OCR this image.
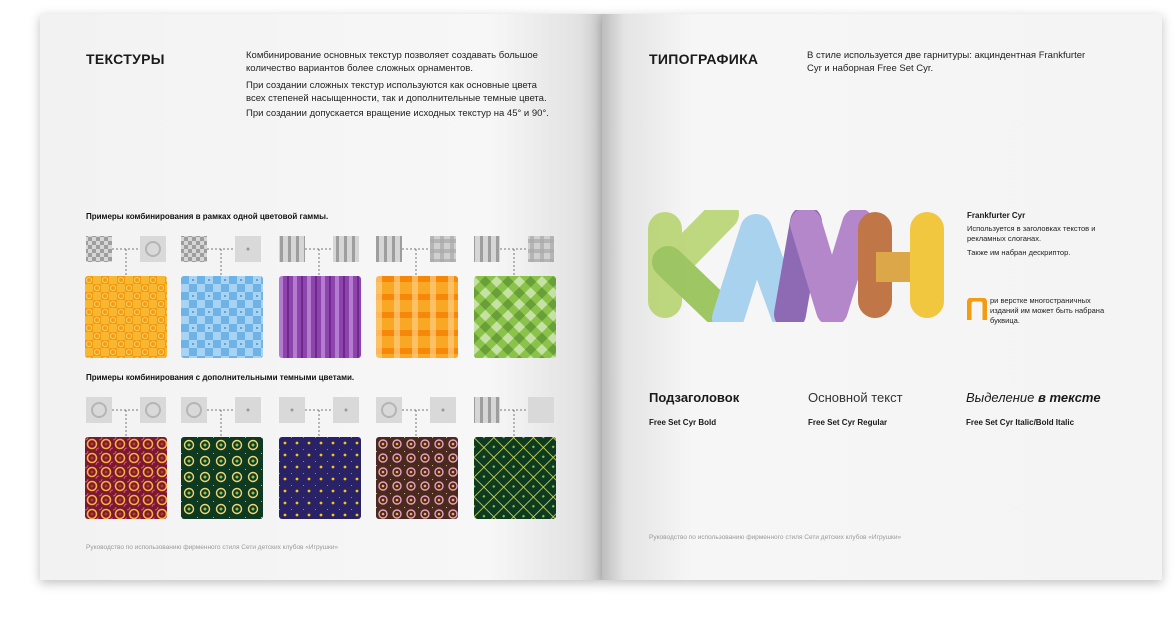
ТЕКСТУРЫ	Комбинирование основных текстур позволяет создавать большое количество вариантов более сложных орнаментов.

При создании сложных текстур используются как основные цвета всех степеней насыщенности, так и дополнительные темные цвета.

При создании допускается вращение исходных текстур на 45° и 90°.

Примеры комбинирования в рамках одной цветовой гаммы.
Примеры комбинирования с дополнительными темными цветами.
Руководство по использованию фирменного стиля Сети детских клубов «Игрушки»
ТИПОГРАФИКА	В стиле используется две гарнитуры: акциндентная Frankfurter Cyr и наборная Free Set Cyr.

Frankfurter Cyr
Используется в заголовках текстов и рекламных слоганах.
Также им набран дескриптор.
ри верстке многостраничных изданий им может быть набрана буквица.
Подзаголовок
Free Set Cyr Bold
Основной текст
Free Set Cyr Regular
Выделение в тексте
Free Set Cyr Italic/Bold Italic
Руководство по использованию фирменного стиля Сети детских клубов «Игрушки»
